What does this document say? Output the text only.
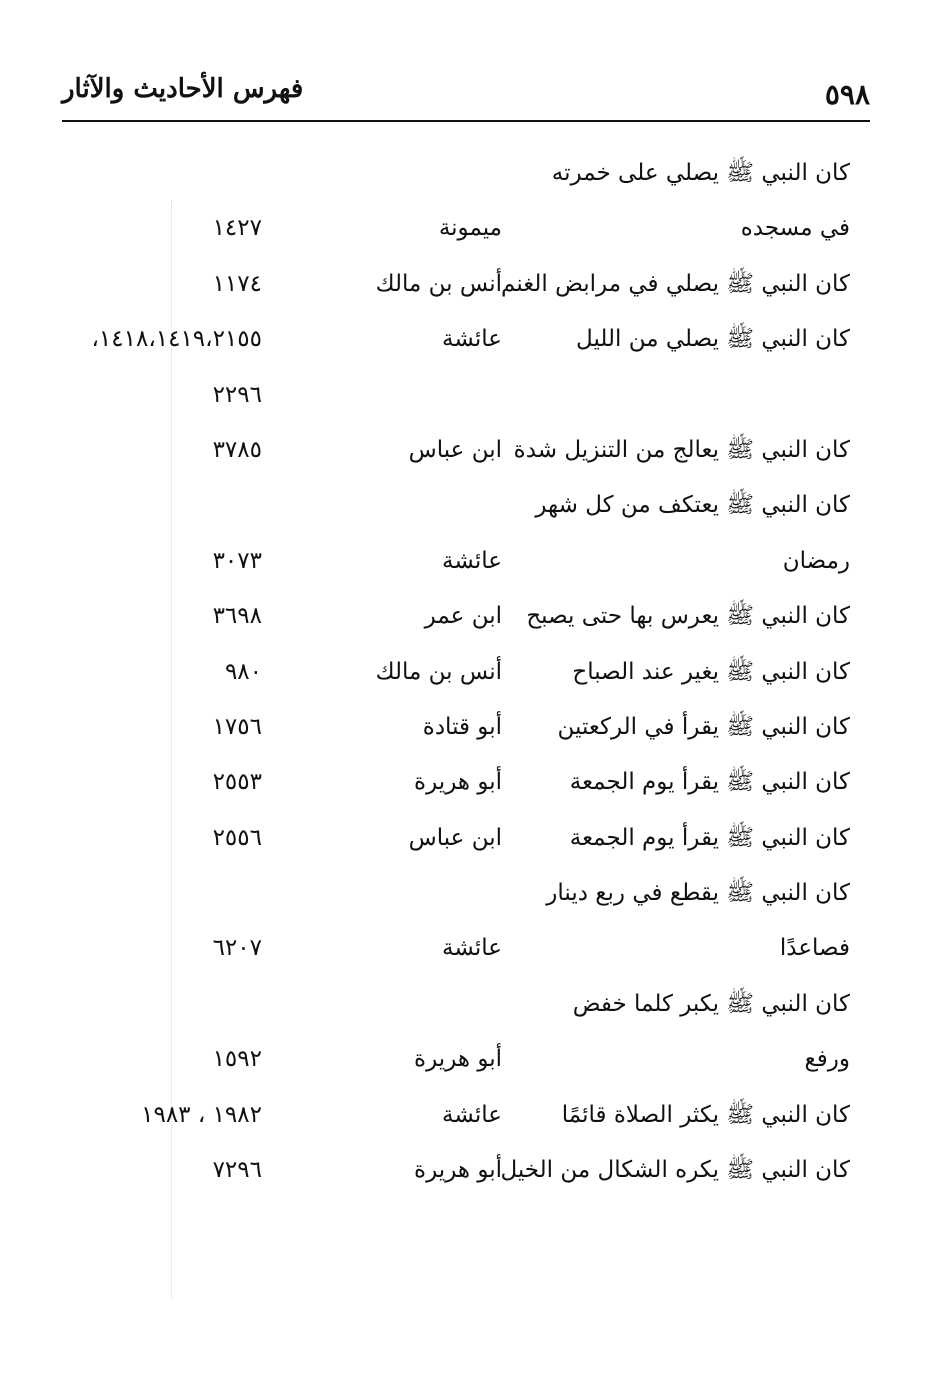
٥٩٨
فهرس الأحاديث والآثار
كان النبي ﷺ يصلي على خمرته
في مسجده
ميمونة
١٤٢٧
كان النبي ﷺ يصلي في مرابض الغنم
أنس بن مالك
١١٧٤
كان النبي ﷺ يصلي من الليل
عائشة
١٤١٨،١٤١٩،٢١٥٥،
٢٢٩٦
كان النبي ﷺ يعالج من التنزيل شدة
ابن عباس
٣٧٨٥
كان النبي ﷺ يعتكف من كل شهر
رمضان
عائشة
٣٠٧٣
كان النبي ﷺ يعرس بها حتى يصبح
ابن عمر
٣٦٩٨
كان النبي ﷺ يغير عند الصباح
أنس بن مالك
٩٨٠
كان النبي ﷺ يقرأ في الركعتين
أبو قتادة
١٧٥٦
كان النبي ﷺ يقرأ يوم الجمعة
أبو هريرة
٢٥٥٣
كان النبي ﷺ يقرأ يوم الجمعة
ابن عباس
٢٥٥٦
كان النبي ﷺ يقطع في ربع دينار
فصاعدًا
عائشة
٦٢٠٧
كان النبي ﷺ يكبر كلما خفض
ورفع
أبو هريرة
١٥٩٢
كان النبي ﷺ يكثر الصلاة قائمًا
عائشة
١٩٨٢ ، ١٩٨٣
كان النبي ﷺ يكره الشكال من الخيل
أبو هريرة
٧٢٩٦
